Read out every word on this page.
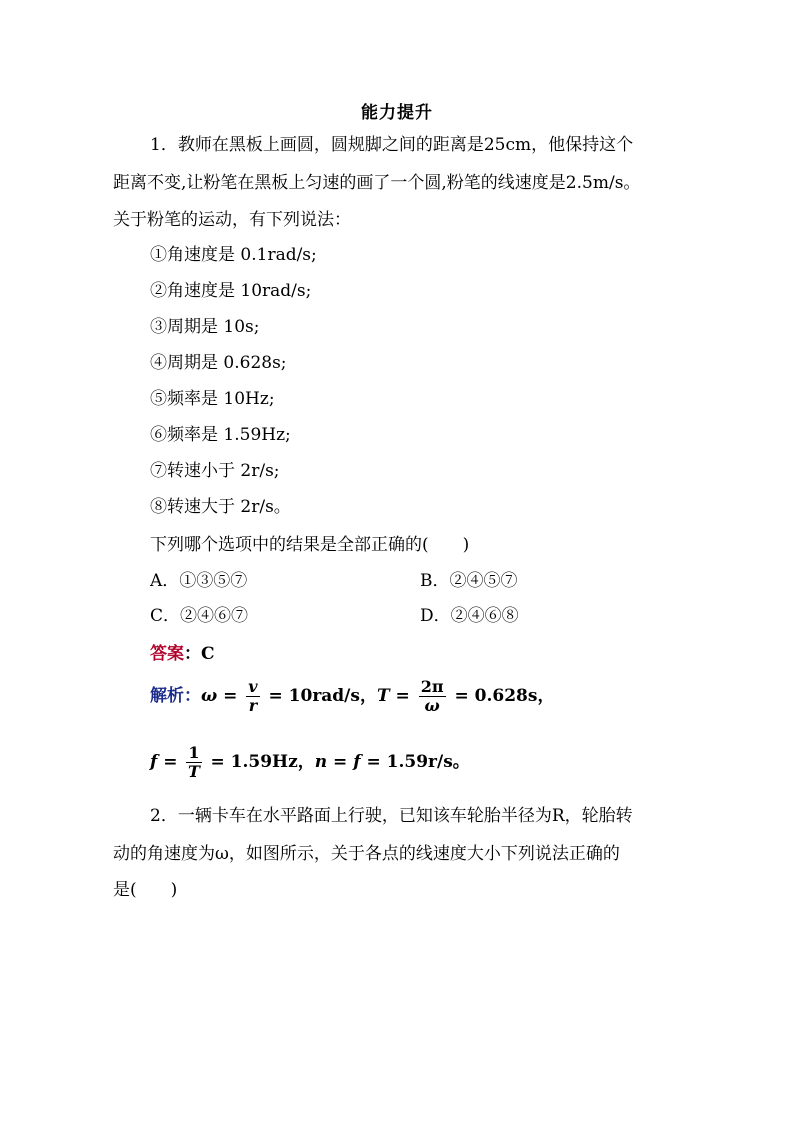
能力提升
1．教师在黑板上画圆，圆规脚之间的距离是25cm，他保持这个
距离不变,让粉笔在黑板上匀速的画了一个圆,粉笔的线速度是2.5m/s。
关于粉笔的运动，有下列说法：
①角速度是 0.1rad/s;
②角速度是 10rad/s;
③周期是 10s;
④周期是 0.628s;
⑤频率是 10Hz;
⑥频率是 1.59Hz;
⑦转速小于 2r/s;
⑧转速大于 2r/s。
下列哪个选项中的结果是全部正确的(　　)
A．①③⑤⑦	B．②④⑤⑦
C．②④⑥⑦	D．②④⑥⑧
答案：C
解析：$\omega = \frac{v}{r} = 10rad/s$，$T = \frac{2\pi}{\omega} = 0.628s$，
$f = \frac{1}{T} = 1.59Hz$，n = f = 1.59r/s。
2．一辆卡车在水平路面上行驶，已知该车轮胎半径为R，轮胎转
动的角速度为ω，如图所示，关于各点的线速度大小下列说法正确的
是(　　)
